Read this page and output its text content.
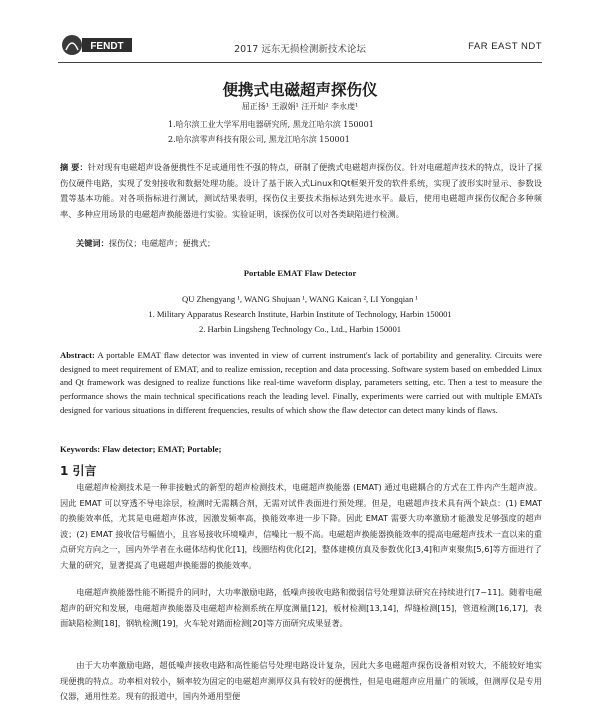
FENDT	2017 远东无损检测新技术论坛	FAR EAST NDT
便携式电磁超声探伤仪
屈正扬¹ 王淑娟¹ 汪开灿² 李永虔¹
1.哈尔滨工业大学军用电器研究所, 黑龙江哈尔滨 150001
2.哈尔滨零声科技有限公司, 黑龙江哈尔滨 150001
摘 要：针对现有电磁超声设备便携性不足或通用性不强的特点，研制了便携式电磁超声探伤仪。针对电磁超声技术的特点，设计了探伤仪硬件电路，实现了发射接收和数据处理功能。设计了基于嵌入式Linux和Qt框架开发的软件系统，实现了波形实时显示、参数设置等基本功能。对各项指标进行测试，测试结果表明，探伤仪主要技术指标达到先进水平。最后，使用电磁超声探伤仪配合多种频率、多种应用场景的电磁超声换能器进行实验。实验证明，该探伤仪可以对各类缺陷进行检测。
关键词：探伤仪；电磁超声；便携式；
Portable EMAT Flaw Detector
QU Zhengyang ¹, WANG Shujuan ¹, WANG Kaican ², LI Yongqian ¹
1. Military Apparatus Research Institute, Harbin Institute of Technology, Harbin 150001
2. Harbin Lingsheng Technology Co., Ltd., Harbin 150001
Abstract: A portable EMAT flaw detector was invented in view of current instrument's lack of portability and generality. Circuits were designed to meet requirement of EMAT, and to realize emission, reception and data processing. Software system based on embedded Linux and Qt framework was designed to realize functions like real-time waveform display, parameters setting, etc. Then a test to measure the performance shows the main technical specifications reach the leading level. Finally, experiments were carried out with multiple EMATs designed for various situations in different frequencies, results of which show the flaw detector can detect many kinds of flaws.
Keywords: Flaw detector; EMAT; Portable;
1 引言

电磁超声检测技术是一种非接触式的新型的超声检测技术，电磁超声换能器 (EMAT) 通过电磁耦合的方式在工件内产生超声波。因此 EMAT 可以穿透不导电涂层，检测时无需耦合剂，无需对试件表面进行预处理。但是，电磁超声技术具有两个缺点：(1) EMAT 的换能效率低，尤其是电磁超声体波，因激发频率高，换能效率进一步下降。因此 EMAT 需要大功率激励才能激发足够强度的超声波；(2) EMAT 接收信号幅值小，且容易接收环境噪声，信噪比一般不高。电磁超声换能器换能效率的提高电磁超声技术一直以来的重点研究方向之一，国内外学者在永磁体结构优化[1]，线圈结构优化[2]，整体建模仿真及参数优化[3,4]和声束聚焦[5,6]等方面进行了大量的研究，显著提高了电磁超声换能器的换能效率。

电磁超声换能器性能不断提升的同时，大功率激励电路，低噪声接收电路和微弱信号处理算法研究在持续进行[7~11]。随着电磁超声的研究和发展，电磁超声换能器及电磁超声检测系统在厚度测量[12]，板材检测[13,14]，焊缝检测[15]，管道检测[16,17]，表面缺陷检测[18]，钢轨检测[19]，火车轮对踏面检测[20]等方面研究成果显著。

由于大功率激励电路，超低噪声接收电路和高性能信号处理电路设计复杂，因此大多电磁超声探伤设备相对较大，不能较好地实现便携的特点。功率相对较小，频率较为固定的电磁超声测厚仪具有较好的便携性，但是电磁超声应用量广的领域，但测厚仪是专用仪器，通用性差。现有的报道中，国内外通用型便
